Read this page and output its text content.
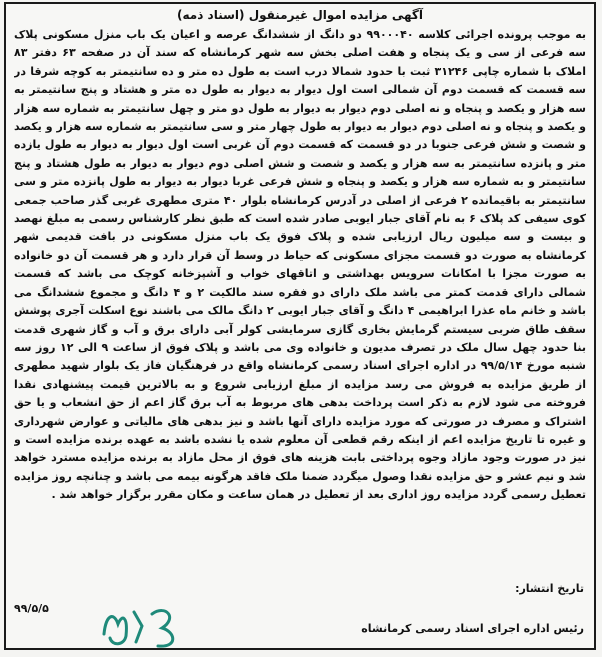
آگهی مزایده اموال غیرمنقول (اسناد ذمه)
به موجب پرونده اجرائی کلاسه ۹۹۰۰۰۴۰ دو دانگ از ششدانگ عرصه و اعیان یک باب منزل مسکونی پلاک سه فرعی از سی و یک پنجاه و هفت اصلی بخش سه شهر کرمانشاه که سند آن در صفحه ۶۳ دفتر ۸۳ املاک با شماره چاپی ۳۱۲۴۶ ثبت با حدود شمالا درب است به طول ده متر و ده سانتیمتر به کوچه شرقا در سه قسمت که قسمت دوم آن شمالی است اول دیوار به دیوار به طول ده متر و هشتاد و پنج سانتیمتر به سه هزار و یکصد و پنجاه و نه اصلی دوم دیوار به دیوار به طول دو متر و چهل سانتیمتر به شماره سه هزار و یکصد و پنجاه و نه اصلی دوم دیوار به دیوار به طول چهار متر و سی سانتیمتر به شماره سه هزار و یکصد و شصت و شش فرعی جنوبا در دو قسمت که قسمت دوم آن غربی است اول دیوار به دیوار به طول یازده متر و پانزده سانتیمتر به سه هزار و یکصد و شصت و شش اصلی دوم دیوار به دیوار به طول هشتاد و پنج سانتیمتر و به شماره سه هزار و یکصد و پنجاه و شش فرعی غربا دیوار به دیوار به طول پانزده متر و سی سانتیمتر به باقیمانده ۲ فرعی از اصلی در آدرس کرمانشاه بلوار ۴۰ متری مطهری غربی گذر صاحب جمعی کوی سیفی کد پلاک ۶ به نام آقای جبار ایوبی صادر شده است که طبق نظر کارشناس رسمی به مبلغ نهصد و بیست و سه میلیون ریال ارزیابی شده و پلاک فوق یک باب منزل مسکونی در بافت قدیمی شهر کرمانشاه به صورت دو قسمت مجزای مسکونی که حیاط در وسط آن قرار دارد و هر قسمت آن دو خانواده به صورت مجزا با امکانات سرویس بهداشتی و اتاقهای خواب و آشپزخانه کوچک می باشد که قسمت شمالی دارای قدمت کمتر می باشد ملک دارای دو فقره سند مالکیت ۲ و ۴ دانگ و مجموع ششدانگ می باشد و خانم ماه عذرا ابراهیمی ۴ دانگ و آقای جبار ایوبی ۲ دانگ مالک می باشند نوع اسکلت آجری پوشش سقف طاق ضربی سیستم گرمایش بخاری گازی سرمایشی کولر آبی دارای برق و آب و گاز شهری قدمت بنا حدود چهل سال ملک در تصرف مدیون و خانواده وی می باشد و پلاک فوق از ساعت ۹ الی ۱۲ روز سه شنبه مورخ ۹۹/۵/۱۴ در اداره اجرای اسناد رسمی کرمانشاه واقع در فرهنگیان فاز یک بلوار شهید مطهری از طریق مزایده به فروش می رسد مزایده از مبلغ ارزیابی شروع و به بالاترین قیمت پیشنهادی نقدا فروخته می شود لازم به ذکر است پرداخت بدهی های مربوط به آب برق گاز اعم از حق انشعاب و یا حق اشتراک و مصرف در صورتی که مورد مزایده دارای آنها باشد و نیز بدهی های مالیاتی و عوارض شهرداری و غیره تا تاریخ مزایده اعم از اینکه رقم قطعی آن معلوم شده یا نشده باشد به عهده برنده مزایده است و نیز در صورت وجود مازاد وجوه پرداختی بابت هزینه های فوق از محل مازاد به برنده مزایده مسترد خواهد شد و نیم عشر و حق مزایده نقدا وصول میگردد ضمنا ملک فاقد هرگونه بیمه می باشد و چنانچه روز مزایده تعطیل رسمی گردد مزایده روز اداری بعد از تعطیل در همان ساعت و مکان مقرر برگزار خواهد شد .
تاریخ انتشار:
۹۹/۵/۵
رئیس اداره اجرای اسناد رسمی کرمانشاه
